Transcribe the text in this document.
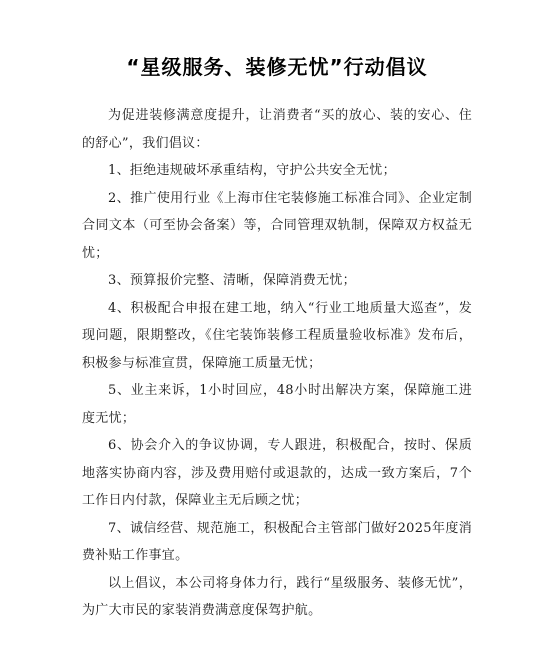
“星级服务、装修无忧”行动倡议

为促进装修满意度提升，让消费者“买的放心、装的安心、住的舒心”，我们倡议：

1、拒绝违规破坏承重结构，守护公共安全无忧；

2、推广使用行业《上海市住宅装修施工标准合同》、企业定制合同文本（可至协会备案）等，合同管理双轨制，保障双方权益无忧；

3、预算报价完整、清晰，保障消费无忧；

4、积极配合申报在建工地，纳入“行业工地质量大巡查”，发现问题，限期整改，《住宅装饰装修工程质量验收标准》发布后，积极参与标准宣贯，保障施工质量无忧；

5、业主来诉，1小时回应，48小时出解决方案，保障施工进度无忧；

6、协会介入的争议协调，专人跟进，积极配合，按时、保质地落实协商内容，涉及费用赔付或退款的，达成一致方案后，7个工作日内付款，保障业主无后顾之忧；

7、诚信经营、规范施工，积极配合主管部门做好2025年度消费补贴工作事宜。

以上倡议，本公司将身体力行，践行“星级服务、装修无忧”，为广大市民的家装消费满意度保驾护航。
